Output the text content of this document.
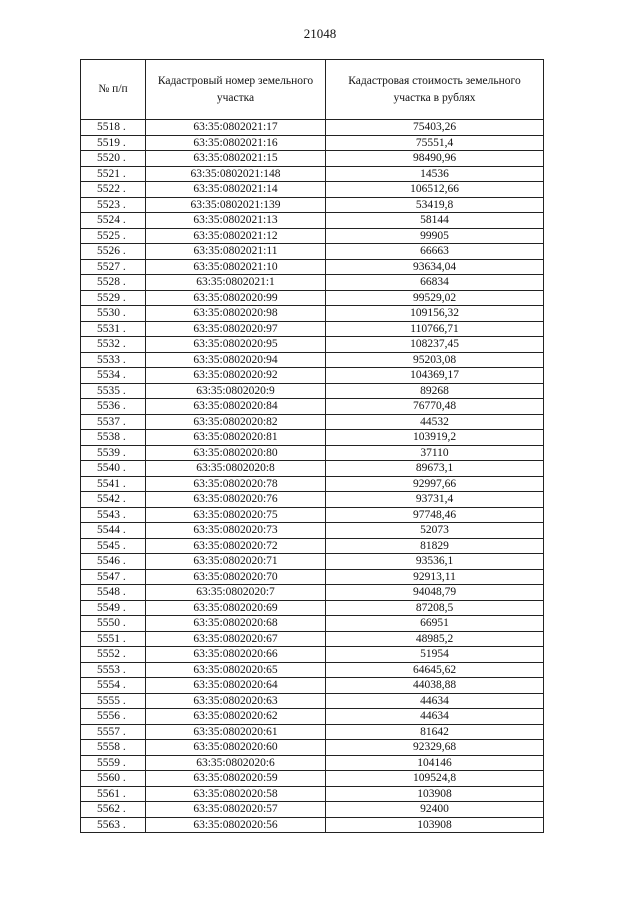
21048
№ п/п	Кадастровый номер земельного участка	Кадастровая стоимость земельного участка в рублях
5518 .	63:35:0802021:17	75403,26
5519 .	63:35:0802021:16	75551,4
5520 .	63:35:0802021:15	98490,96
5521 .	63:35:0802021:148	14536
5522 .	63:35:0802021:14	106512,66
5523 .	63:35:0802021:139	53419,8
5524 .	63:35:0802021:13	58144
5525 .	63:35:0802021:12	99905
5526 .	63:35:0802021:11	66663
5527 .	63:35:0802021:10	93634,04
5528 .	63:35:0802021:1	66834
5529 .	63:35:0802020:99	99529,02
5530 .	63:35:0802020:98	109156,32
5531 .	63:35:0802020:97	110766,71
5532 .	63:35:0802020:95	108237,45
5533 .	63:35:0802020:94	95203,08
5534 .	63:35:0802020:92	104369,17
5535 .	63:35:0802020:9	89268
5536 .	63:35:0802020:84	76770,48
5537 .	63:35:0802020:82	44532
5538 .	63:35:0802020:81	103919,2
5539 .	63:35:0802020:80	37110
5540 .	63:35:0802020:8	89673,1
5541 .	63:35:0802020:78	92997,66
5542 .	63:35:0802020:76	93731,4
5543 .	63:35:0802020:75	97748,46
5544 .	63:35:0802020:73	52073
5545 .	63:35:0802020:72	81829
5546 .	63:35:0802020:71	93536,1
5547 .	63:35:0802020:70	92913,11
5548 .	63:35:0802020:7	94048,79
5549 .	63:35:0802020:69	87208,5
5550 .	63:35:0802020:68	66951
5551 .	63:35:0802020:67	48985,2
5552 .	63:35:0802020:66	51954
5553 .	63:35:0802020:65	64645,62
5554 .	63:35:0802020:64	44038,88
5555 .	63:35:0802020:63	44634
5556 .	63:35:0802020:62	44634
5557 .	63:35:0802020:61	81642
5558 .	63:35:0802020:60	92329,68
5559 .	63:35:0802020:6	104146
5560 .	63:35:0802020:59	109524,8
5561 .	63:35:0802020:58	103908
5562 .	63:35:0802020:57	92400
5563 .	63:35:0802020:56	103908
